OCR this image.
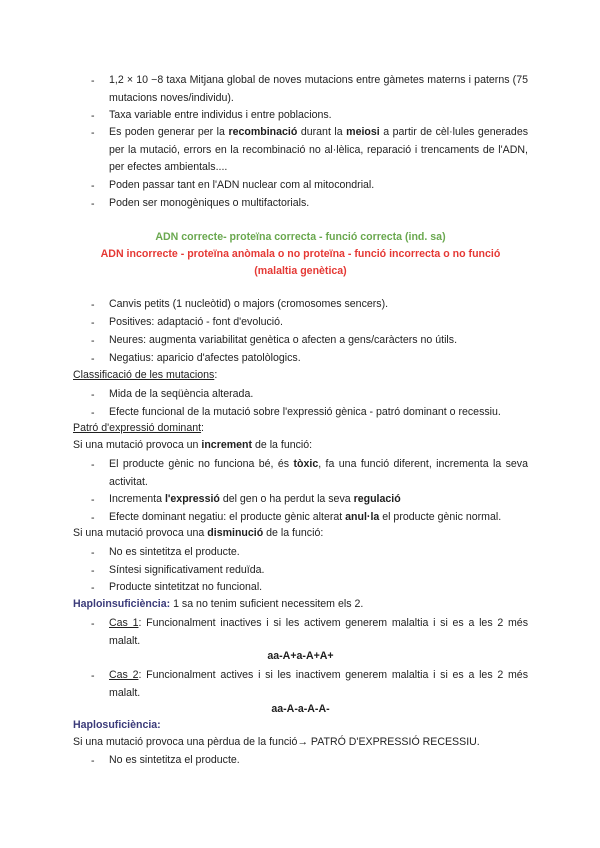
-	1,2 × 10 −8 taxa Mitjana global de noves mutacions entre gàmetes materns i paterns (75 mutacions noves/individu).
-	Taxa variable entre individus i entre poblacions.
-	Es poden generar per la recombinació durant la meiosi a partir de cèl·lules generades per la mutació, errors en la recombinació no al·lèlica, reparació i trencaments de l'ADN, per efectes ambientals....
-	Poden passar tant en l'ADN nuclear com al mitocondrial.
-	Poden ser monogèniques o multifactorials.
ADN correcte- proteïna correcta - funció correcta (ind. sa)
ADN incorrecte - proteïna anòmala o no proteïna - funció incorrecta o no funció (malaltia genètica)
-	Canvis petits (1 nucleòtid) o majors (cromosomes sencers).
-	Positives: adaptació - font d'evolució.
-	Neures: augmenta variabilitat genètica o afecten a gens/caràcters no útils.
-	Negatius: aparicio d'afectes patolòlogics.
Classificació de les mutacions:
-	Mida de la seqüència alterada.
-	Efecte funcional de la mutació sobre l'expressió gènica - patró dominant o recessiu.
Patró d'expressió dominant:
Si una mutació provoca un increment de la funció:
-	El producte gènic no funciona bé, és tòxic, fa una funció diferent, incrementa la seva activitat.
-	Incrementa l'expressió del gen o ha perdut la seva regulació
-	Efecte dominant negatiu: el producte gènic alterat anul·la el producte gènic normal.
Si una mutació provoca una disminució de la funció:
-	No es sintetitza el producte.
-	Síntesi significativament reduïda.
-	Producte sintetitzat no funcional.
Haploinsuficiència: 1 sa no tenim suficient necessitem els 2.
-	Cas 1: Funcionalment inactives i si les activem generem malaltia i si es a les 2 més malalt.
aa-A+a-A+A+
-	Cas 2: Funcionalment actives i si les inactivem generem malaltia i si es a les 2 més malalt.
aa-A-a-A-A-
Haplosuficiència:
Si una mutació provoca una pèrdua de la funció→ PATRÓ D'EXPRESSIÓ RECESSIU.
-	No es sintetitza el producte.
